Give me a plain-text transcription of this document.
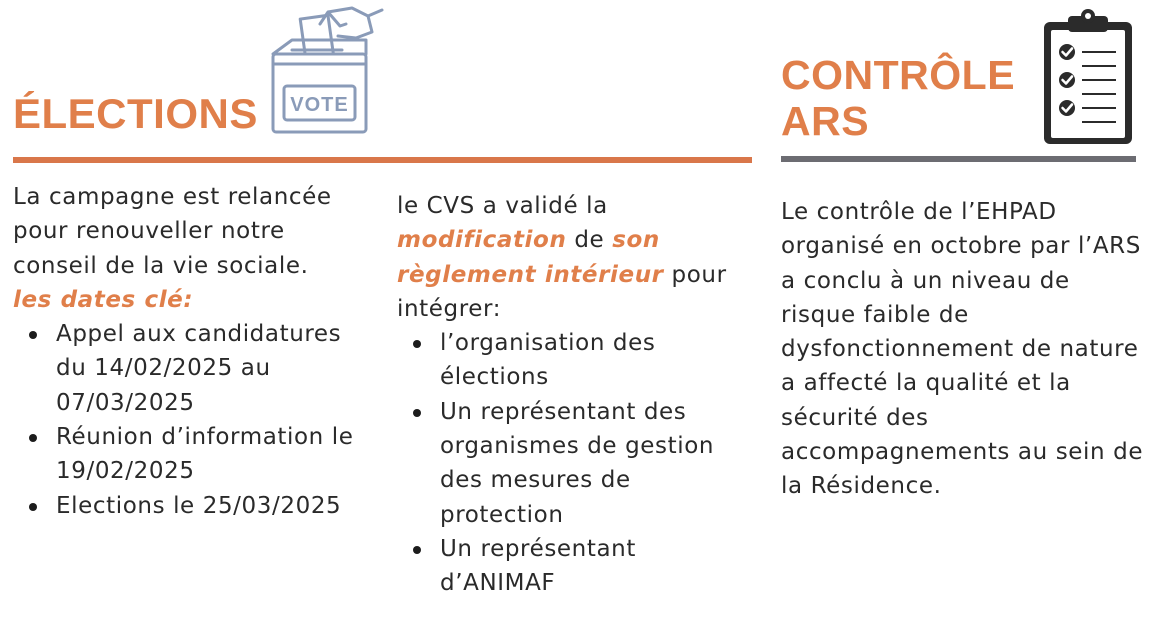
ÉLECTIONS VOTE
La campagne est relancée pour renouveller notre conseil de la vie sociale.
les dates clé:
Appel aux candidatures du 14/02/2025 au 07/03/2025
Réunion d’information le 19/02/2025
Elections le 25/03/2025
le CVS a validé la modification de son règlement intérieur pour intégrer:
l’organisation des élections
Un représentant des organismes de gestion des mesures de protection
Un représentant d’ANIMAF
CONTRÔLE
ARS
Le contrôle de l’EHPAD organisé en octobre par l’ARS a conclu à un niveau de risque faible de dysfonctionnement de nature a affecté la qualité et la sécurité des accompagnements au sein de la Résidence.
